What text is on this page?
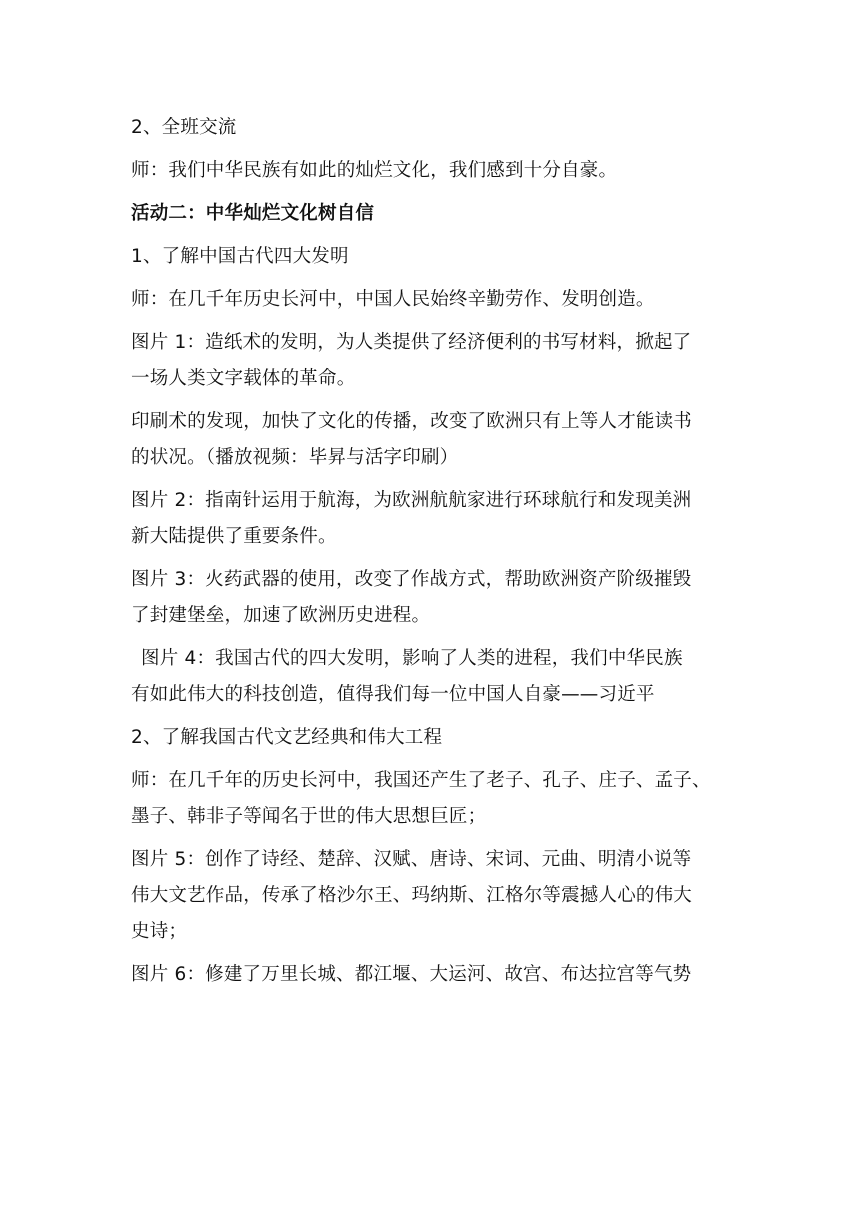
2、全班交流
师：我们中华民族有如此的灿烂文化，我们感到十分自豪。
活动二：中华灿烂文化树自信
1、了解中国古代四大发明
师：在几千年历史长河中，中国人民始终辛勤劳作、发明创造。
图片 1：造纸术的发明，为人类提供了经济便利的书写材料，掀起了
一场人类文字载体的革命。
印刷术的发现，加快了文化的传播，改变了欧洲只有上等人才能读书
的状况。（播放视频：毕昇与活字印刷）
图片 2：指南针运用于航海，为欧洲航航家进行环球航行和发现美洲
新大陆提供了重要条件。
图片 3：火药武器的使用，改变了作战方式，帮助欧洲资产阶级摧毁
了封建堡垒，加速了欧洲历史进程。
图片 4：我国古代的四大发明，影响了人类的进程，我们中华民族
有如此伟大的科技创造，值得我们每一位中国人自豪——习近平
2、了解我国古代文艺经典和伟大工程
师：在几千年的历史长河中，我国还产生了老子、孔子、庄子、孟子、
墨子、韩非子等闻名于世的伟大思想巨匠；
图片 5：创作了诗经、楚辞、汉赋、唐诗、宋词、元曲、明清小说等
伟大文艺作品，传承了格沙尔王、玛纳斯、江格尔等震撼人心的伟大
史诗；
图片 6：修建了万里长城、都江堰、大运河、故宫、布达拉宫等气势
